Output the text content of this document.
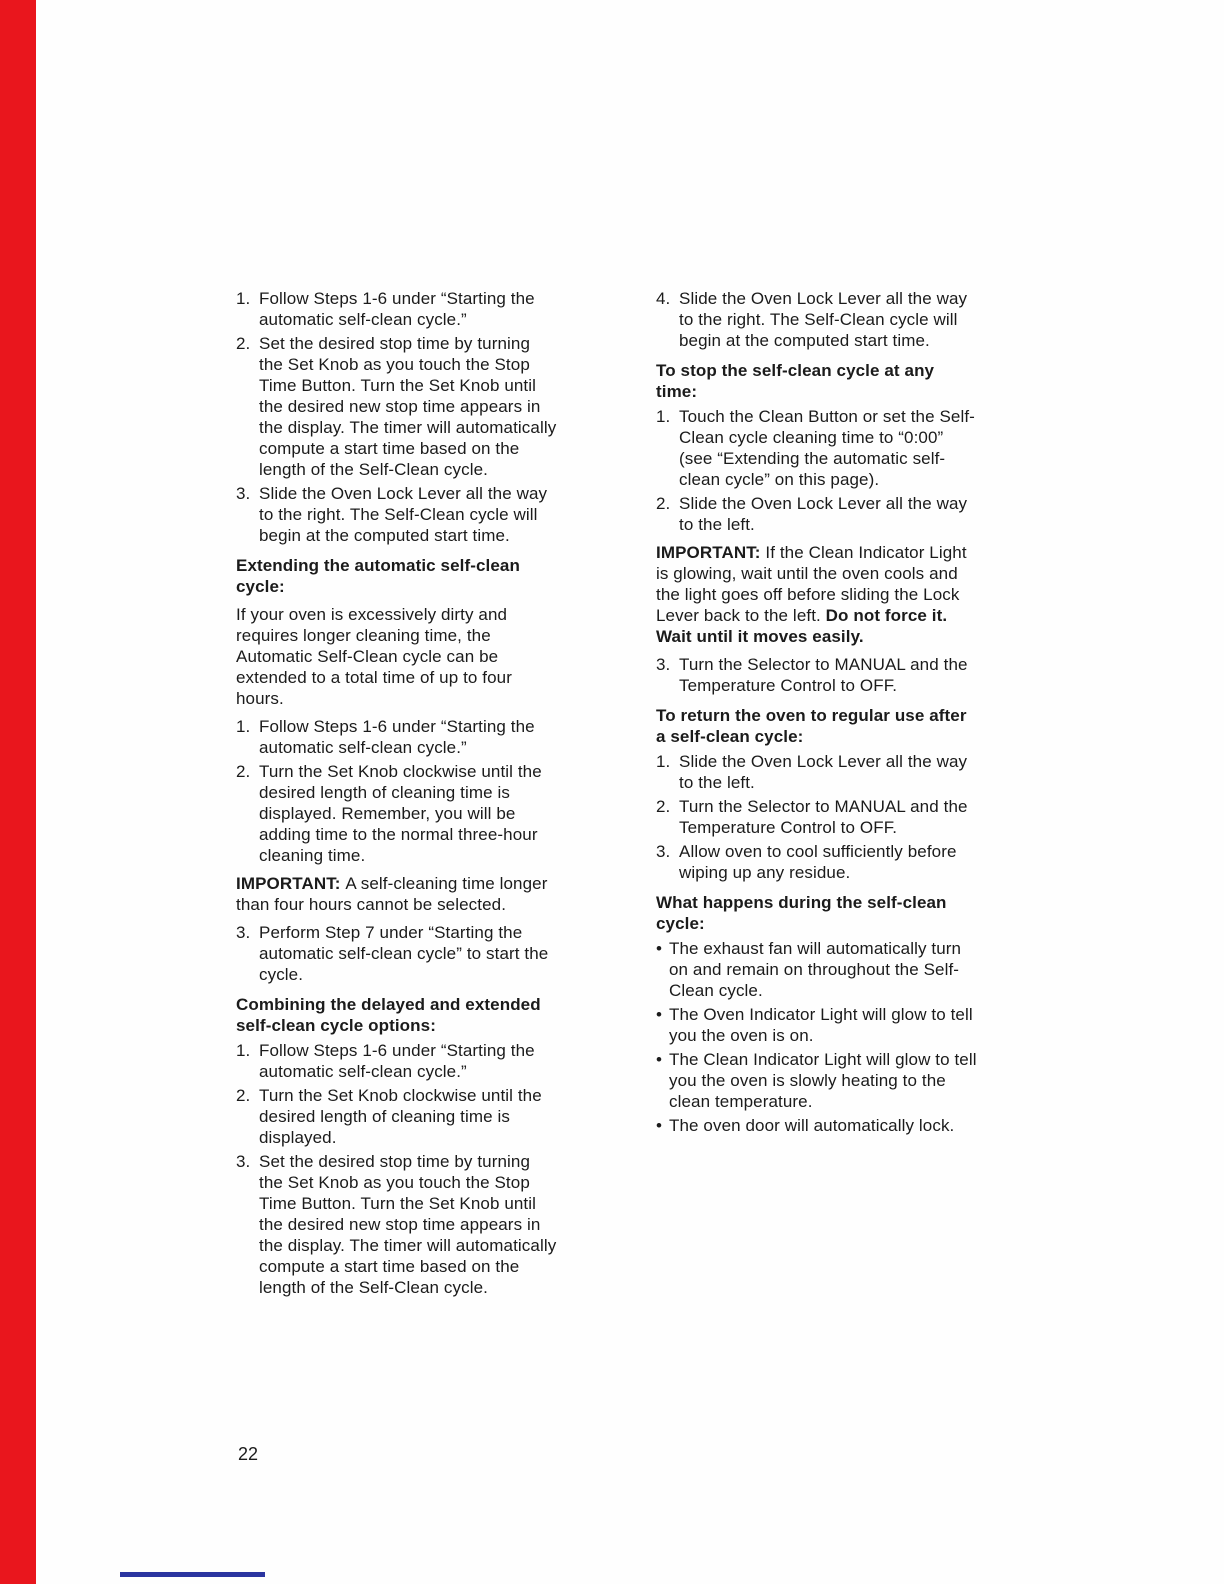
1. Follow Steps 1-6 under “Starting the automatic self-clean cycle.”
2. Set the desired stop time by turning the Set Knob as you touch the Stop Time Button. Turn the Set Knob until the desired new stop time appears in the display. The timer will automatically compute a start time based on the length of the Self-Clean cycle.
3. Slide the Oven Lock Lever all the way to the right. The Self-Clean cycle will begin at the computed start time.
Extending the automatic self-clean cycle:
If your oven is excessively dirty and requires longer cleaning time, the Automatic Self-Clean cycle can be extended to a total time of up to four hours.
1. Follow Steps 1-6 under “Starting the automatic self-clean cycle.”
2. Turn the Set Knob clockwise until the desired length of cleaning time is displayed. Remember, you will be adding time to the normal three-hour cleaning time.
IMPORTANT: A self-cleaning time longer than four hours cannot be selected.
3. Perform Step 7 under “Starting the automatic self-clean cycle” to start the cycle.
Combining the delayed and extended self-clean cycle options:
1. Follow Steps 1-6 under “Starting the automatic self-clean cycle.”
2. Turn the Set Knob clockwise until the desired length of cleaning time is displayed.
3. Set the desired stop time by turning the Set Knob as you touch the Stop Time Button. Turn the Set Knob until the desired new stop time appears in the display. The timer will automatically compute a start time based on the length of the Self-Clean cycle.
4. Slide the Oven Lock Lever all the way to the right. The Self-Clean cycle will begin at the computed start time.
To stop the self-clean cycle at any time:
1. Touch the Clean Button or set the Self-Clean cycle cleaning time to “0:00” (see “Extending the automatic self-clean cycle” on this page).
2. Slide the Oven Lock Lever all the way to the left.
IMPORTANT: If the Clean Indicator Light is glowing, wait until the oven cools and the light goes off before sliding the Lock Lever back to the left. Do not force it. Wait until it moves easily.
3. Turn the Selector to MANUAL and the Temperature Control to OFF.
To return the oven to regular use after a self-clean cycle:
1. Slide the Oven Lock Lever all the way to the left.
2. Turn the Selector to MANUAL and the Temperature Control to OFF.
3. Allow oven to cool sufficiently before wiping up any residue.
What happens during the self-clean cycle:
• The exhaust fan will automatically turn on and remain on throughout the Self-Clean cycle.
• The Oven Indicator Light will glow to tell you the oven is on.
• The Clean Indicator Light will glow to tell you the oven is slowly heating to the clean temperature.
• The oven door will automatically lock.
22
